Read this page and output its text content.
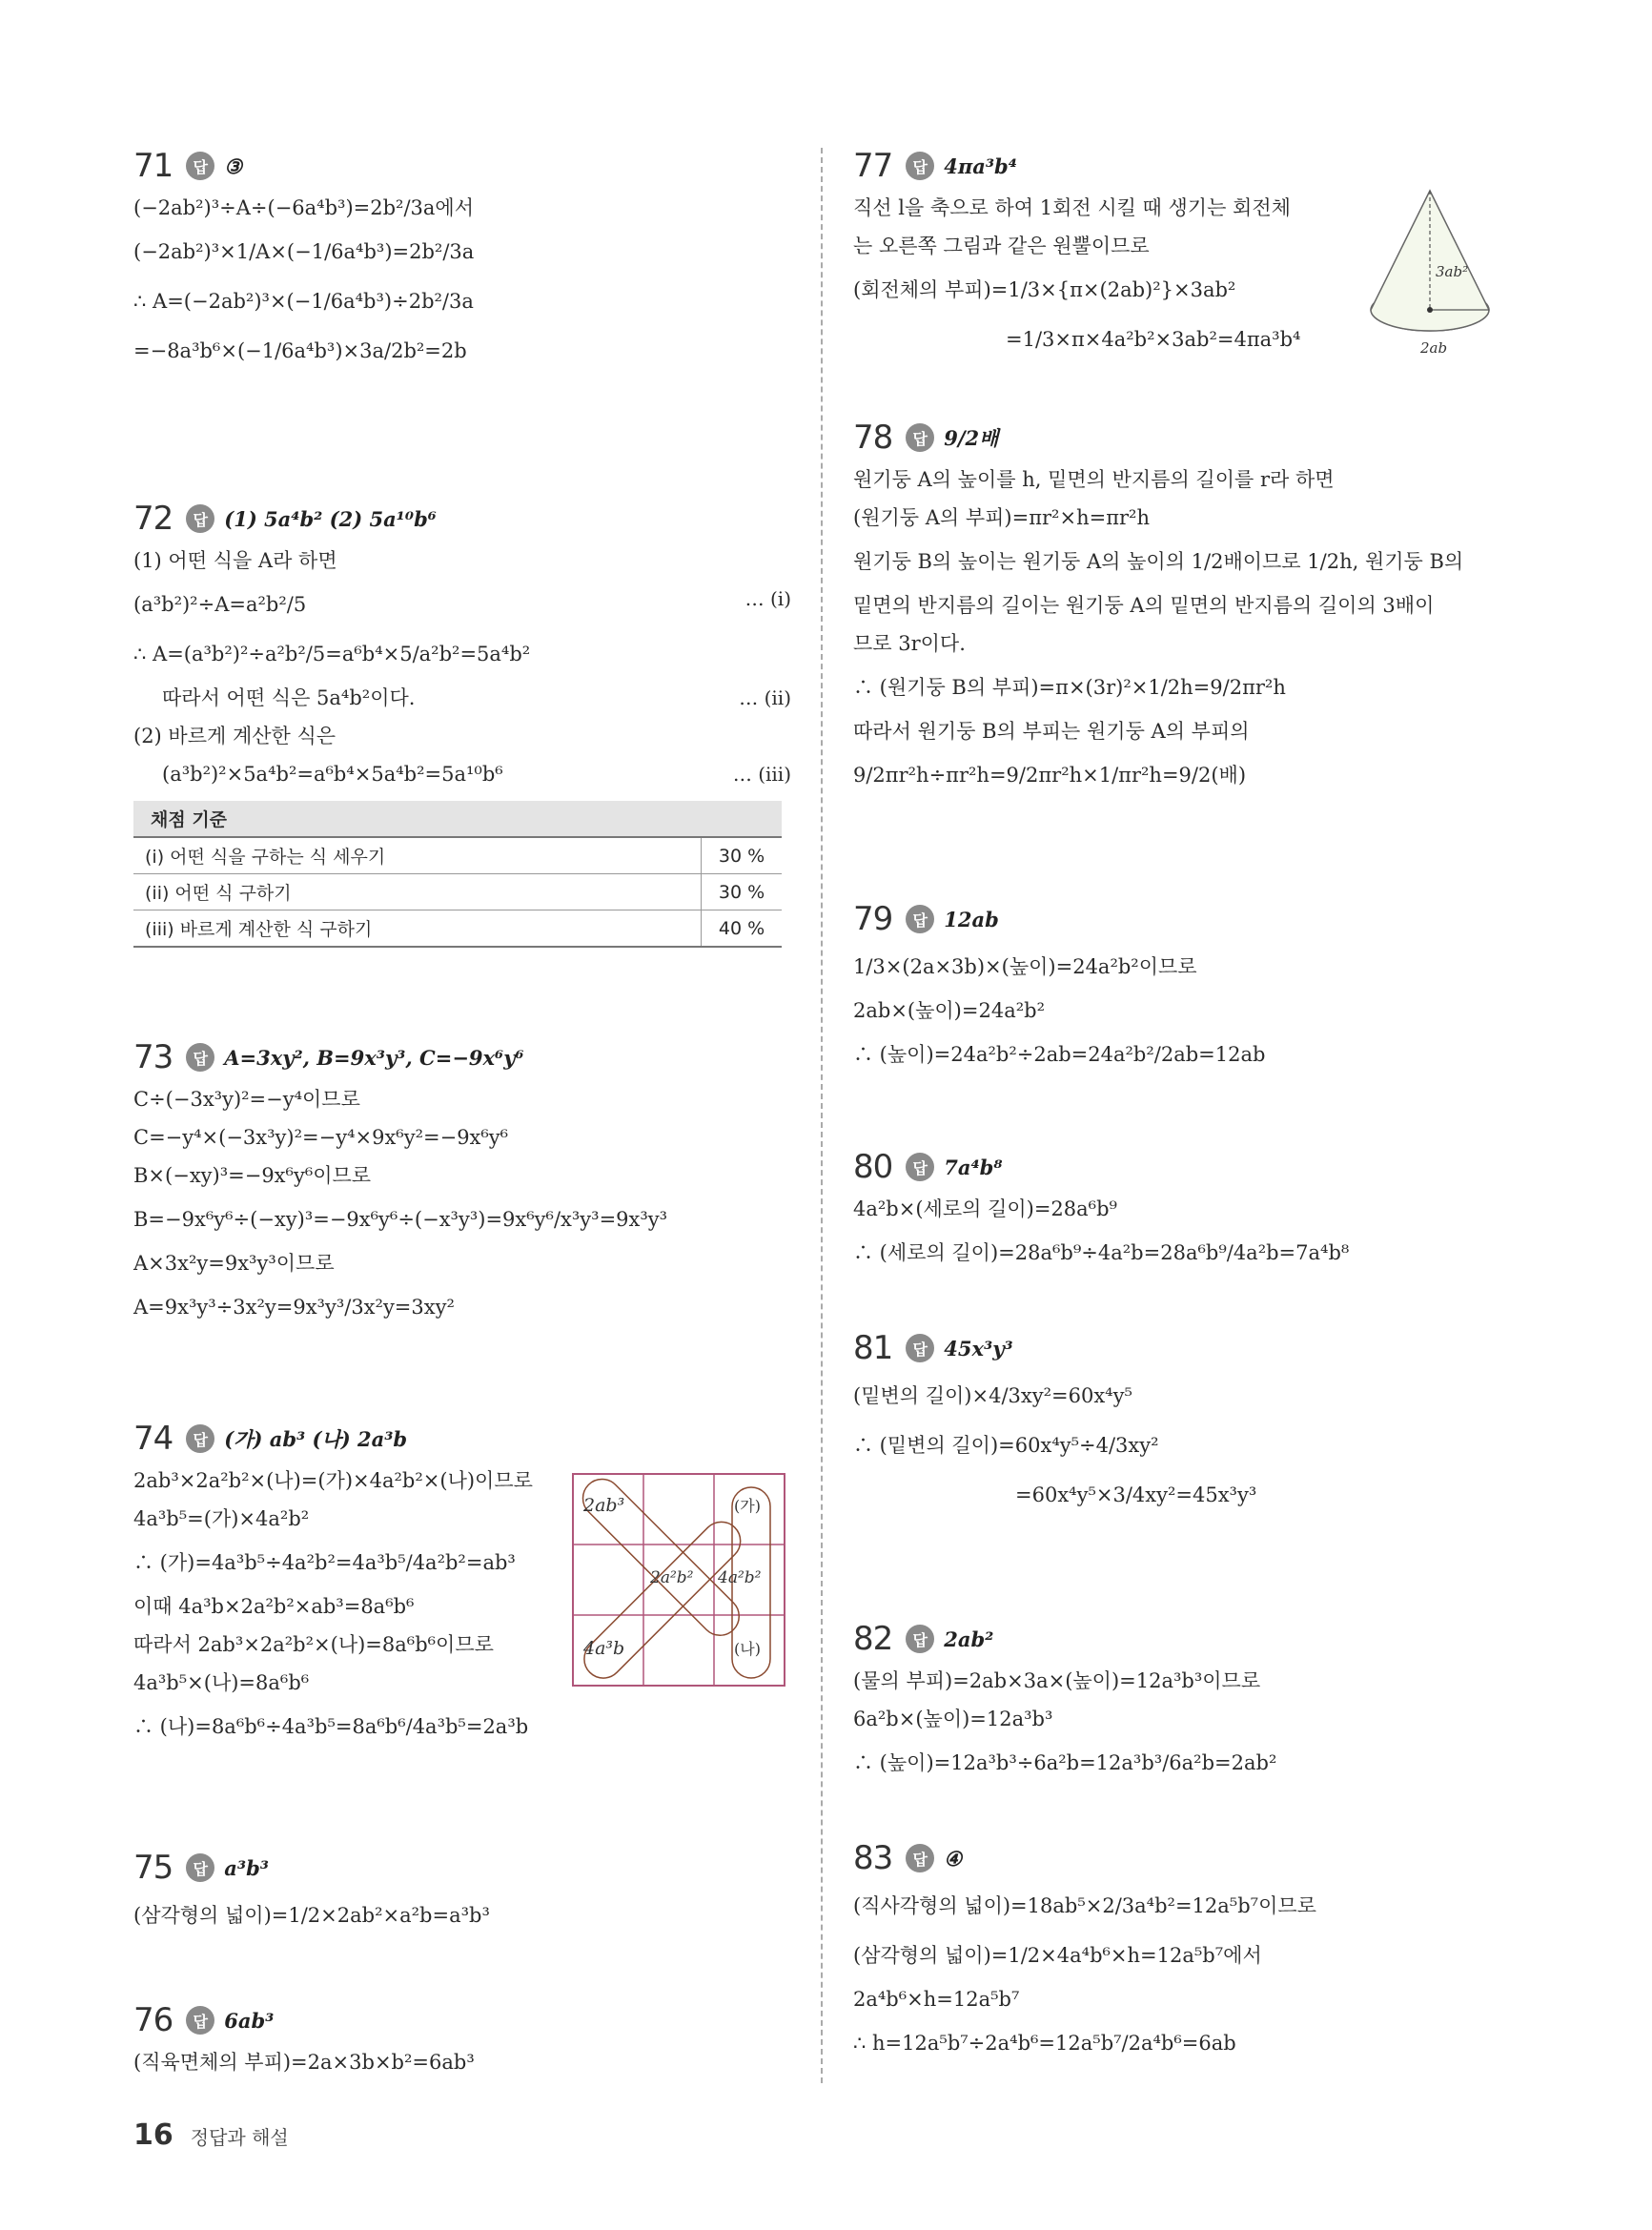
71	답 ③
(−2ab²)³÷A÷(−6a⁴b³)=2b²/3a에서
(−2ab²)³×1/A×(−1/6a⁴b³)=2b²/3a
∴ A=(−2ab²)³×(−1/6a⁴b³)÷2b²/3a
=−8a³b⁶×(−1/6a⁴b³)×3a/2b²=2b
72	답 (1) 5a⁴b² (2) 5a¹⁰b⁶
(1) 어떤 식을 A라 하면
(a³b²)²÷A=a²b²/5	… (i)
∴ A=(a³b²)²÷a²b²/5=a⁶b⁴×5/a²b²=5a⁴b²
따라서 어떤 식은 5a⁴b²이다.	… (ii)
(2) 바르게 계산한 식은
(a³b²)²×5a⁴b²=a⁶b⁴×5a⁴b²=5a¹⁰b⁶	… (iii)
채점 기준	
(i) 어떤 식을 구하는 식 세우기	30 %
(ii) 어떤 식 구하기	30 %
(iii) 바르게 계산한 식 구하기	40 %
73	답 A=3xy², B=9x³y³, C=−9x⁶y⁶
C÷(−3x³y)²=−y⁴이므로
C=−y⁴×(−3x³y)²=−y⁴×9x⁶y²=−9x⁶y⁶
B×(−xy)³=−9x⁶y⁶이므로
B=−9x⁶y⁶÷(−xy)³=−9x⁶y⁶÷(−x³y³)=9x⁶y⁶/x³y³=9x³y³
A×3x²y=9x³y³이므로
A=9x³y³÷3x²y=9x³y³/3x²y=3xy²
74	답 (가) ab³ (나) 2a³b
2ab³×2a²b²×(나)=(가)×4a²b²×(나)이므로
4a³b⁵=(가)×4a²b²
∴ (가)=4a³b⁵÷4a²b²=4a³b⁵/4a²b²=ab³
이때 4a³b×2a²b²×ab³=8a⁶b⁶
따라서 2ab³×2a²b²×(나)=8a⁶b⁶이므로
4a³b⁵×(나)=8a⁶b⁶
∴ (나)=8a⁶b⁶÷4a³b⁵=8a⁶b⁶/4a³b⁵=2a³b
75	답 a³b³
(삼각형의 넓이)=1/2×2ab²×a²b=a³b³
76	답 6ab³
(직육면체의 부피)=2a×3b×b²=6ab³
2ab³	(가)
2a²b² 4a²b²
4a³b	(나)
77	답 4πa³b⁴
직선 l을 축으로 하여 1회전 시킬 때 생기는 회전체
는 오른쪽 그림과 같은 원뿔이므로
(회전체의 부피)=1/3×{π×(2ab)²}×3ab²
=1/3×π×4a²b²×3ab²=4πa³b⁴
78	답 9/2배
원기둥 A의 높이를 h, 밑면의 반지름의 길이를 r라 하면
(원기둥 A의 부피)=πr²×h=πr²h
원기둥 B의 높이는 원기둥 A의 높이의 1/2배이므로 1/2h, 원기둥 B의
밑면의 반지름의 길이는 원기둥 A의 밑면의 반지름의 길이의 3배이
므로 3r이다.
∴ (원기둥 B의 부피)=π×(3r)²×1/2h=9/2πr²h
따라서 원기둥 B의 부피는 원기둥 A의 부피의
9/2πr²h÷πr²h=9/2πr²h×1/πr²h=9/2(배)
79	답 12ab
1/3×(2a×3b)×(높이)=24a²b²이므로
2ab×(높이)=24a²b²
∴ (높이)=24a²b²÷2ab=24a²b²/2ab=12ab
80	답 7a⁴b⁸
4a²b×(세로의 길이)=28a⁶b⁹
∴ (세로의 길이)=28a⁶b⁹÷4a²b=28a⁶b⁹/4a²b=7a⁴b⁸
81	답 45x³y³
(밑변의 길이)×4/3xy²=60x⁴y⁵
∴ (밑변의 길이)=60x⁴y⁵÷4/3xy²
=60x⁴y⁵×3/4xy²=45x³y³
82	답 2ab²
(물의 부피)=2ab×3a×(높이)=12a³b³이므로
6a²b×(높이)=12a³b³
∴ (높이)=12a³b³÷6a²b=12a³b³/6a²b=2ab²
83	답 ④
(직사각형의 넓이)=18ab⁵×2/3a⁴b²=12a⁵b⁷이므로
(삼각형의 넓이)=1/2×4a⁴b⁶×h=12a⁵b⁷에서
2a⁴b⁶×h=12a⁵b⁷
∴ h=12a⁵b⁷÷2a⁴b⁶=12a⁵b⁷/2a⁴b⁶=6ab
3ab²
2ab
16 정답과 해설
